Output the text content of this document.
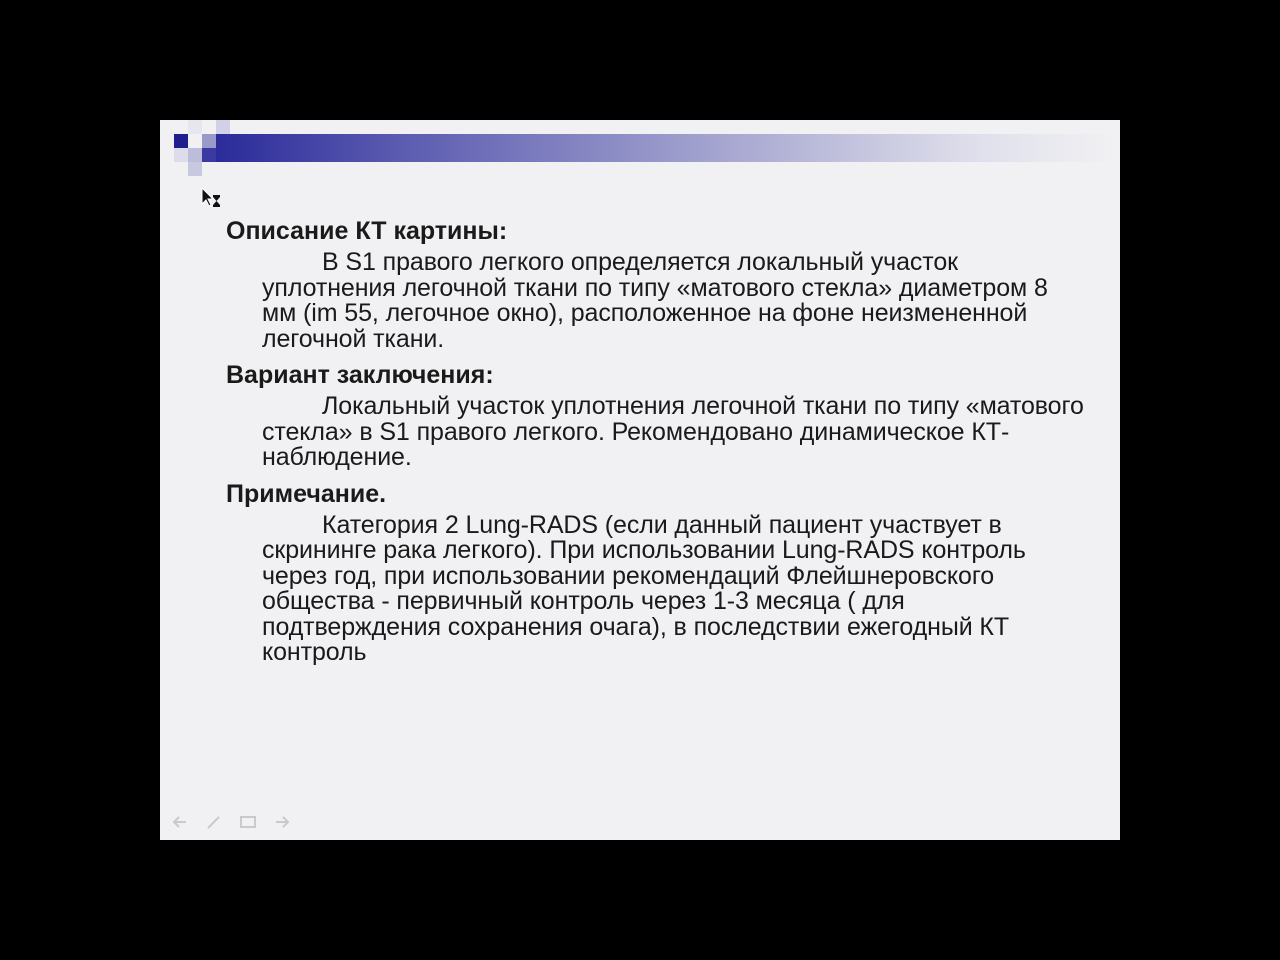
Описание КТ картины:

В S1 правого легкого определяется локальный участок уплотнения легочной ткани по типу «матового стекла» диаметром 8 мм (im 55, легочное окно), расположенное на фоне неизмененной легочной ткани.

Вариант заключения:

Локальный участок уплотнения легочной ткани по типу «матового стекла» в S1 правого легкого. Рекомендовано динамическое КТ-наблюдение.

Примечание.

Категория 2 Lung-RADS (если данный пациент участвует в скрининге рака легкого). При использовании Lung-RADS контроль через год, при использовании рекомендаций Флейшнеровского общества - первичный контроль через 1-3 месяца ( для подтверждения сохранения очага), в последствии ежегодный КТ контроль
